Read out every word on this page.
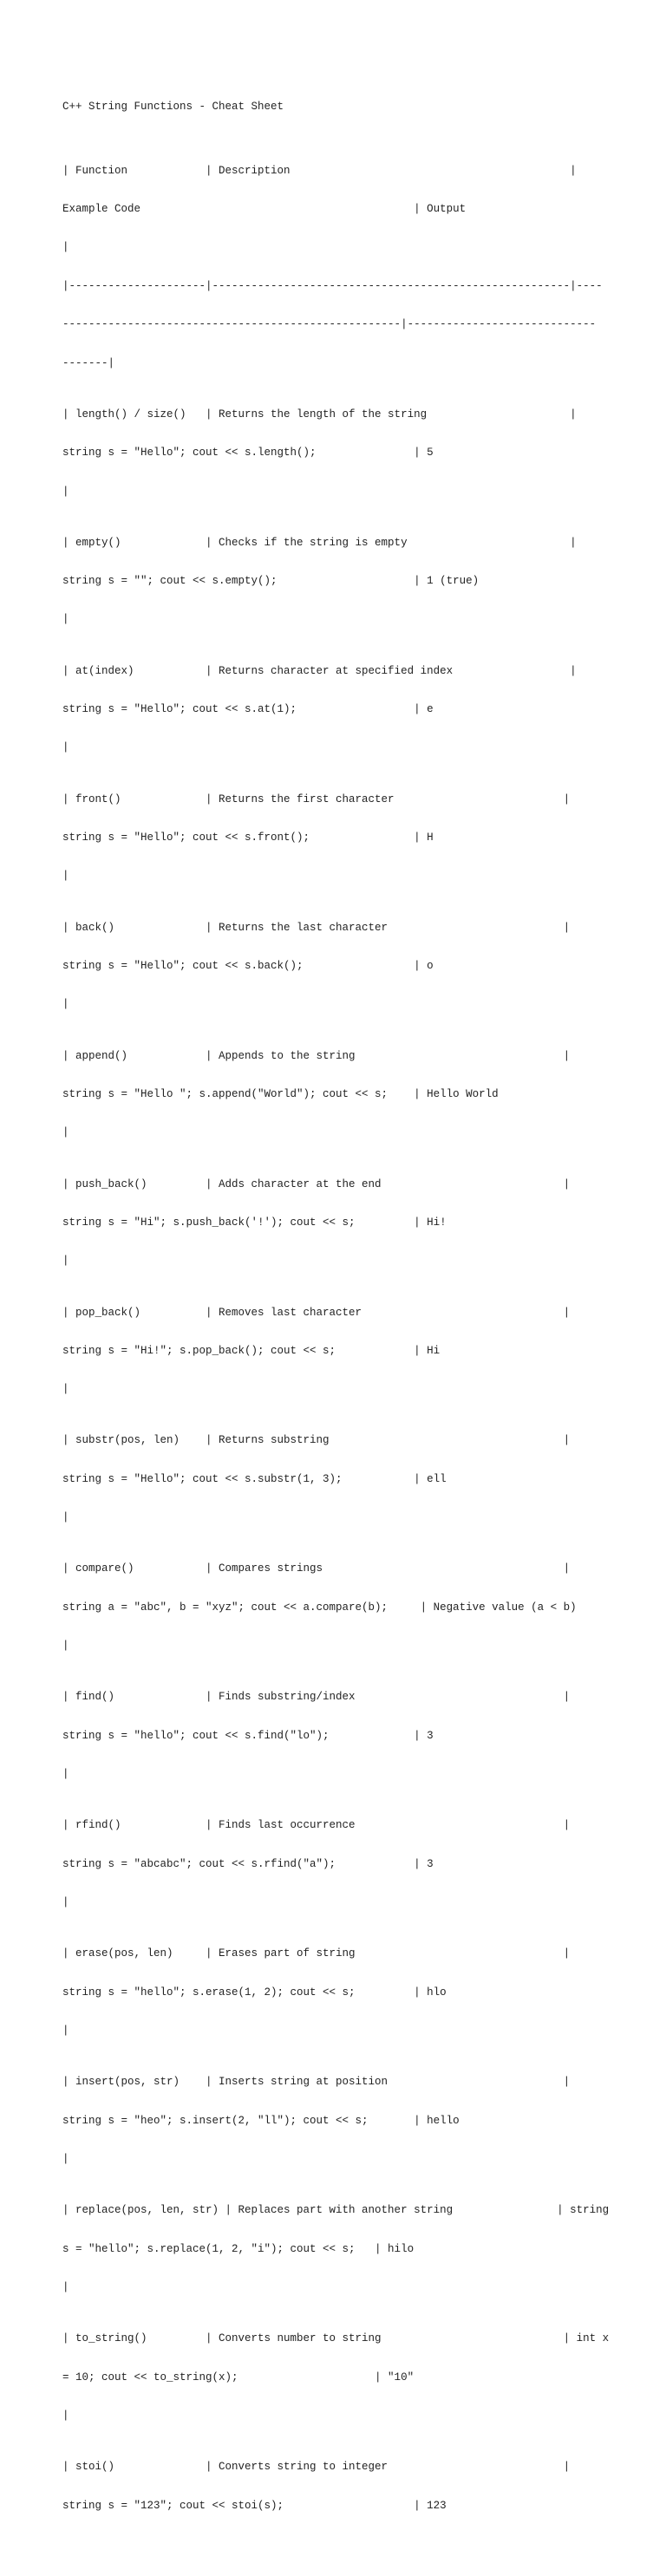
C++ String Functions - Cheat Sheet

| Function            | Description                                           |

Example Code                                          | Output

|

|---------------------|-------------------------------------------------------|----

----------------------------------------------------|-----------------------------

-------|

| length() / size()   | Returns the length of the string                      |

string s = "Hello"; cout << s.length();               | 5

|

| empty()             | Checks if the string is empty                         |

string s = ""; cout << s.empty();                     | 1 (true)

|

| at(index)           | Returns character at specified index                  |

string s = "Hello"; cout << s.at(1);                  | e

|

| front()             | Returns the first character                          |

string s = "Hello"; cout << s.front();                | H

|

| back()              | Returns the last character                           |

string s = "Hello"; cout << s.back();                 | o

|

| append()            | Appends to the string                                |

string s = "Hello "; s.append("World"); cout << s;    | Hello World

|

| push_back()         | Adds character at the end                            |

string s = "Hi"; s.push_back('!'); cout << s;         | Hi!

|

| pop_back()          | Removes last character                               |

string s = "Hi!"; s.pop_back(); cout << s;            | Hi

|

| substr(pos, len)    | Returns substring                                    |

string s = "Hello"; cout << s.substr(1, 3);           | ell

|

| compare()           | Compares strings                                     |

string a = "abc", b = "xyz"; cout << a.compare(b);     | Negative value (a < b)

|

| find()              | Finds substring/index                                |

string s = "hello"; cout << s.find("lo");             | 3

|

| rfind()             | Finds last occurrence                                |

string s = "abcabc"; cout << s.rfind("a");            | 3

|

| erase(pos, len)     | Erases part of string                                |

string s = "hello"; s.erase(1, 2); cout << s;         | hlo

|

| insert(pos, str)    | Inserts string at position                           |

string s = "heo"; s.insert(2, "ll"); cout << s;       | hello

|

| replace(pos, len, str) | Replaces part with another string                | string

s = "hello"; s.replace(1, 2, "i"); cout << s;   | hilo

|

| to_string()         | Converts number to string                            | int x

= 10; cout << to_string(x);                     | "10"

|

| stoi()              | Converts string to integer                           |

string s = "123"; cout << stoi(s);                    | 123
